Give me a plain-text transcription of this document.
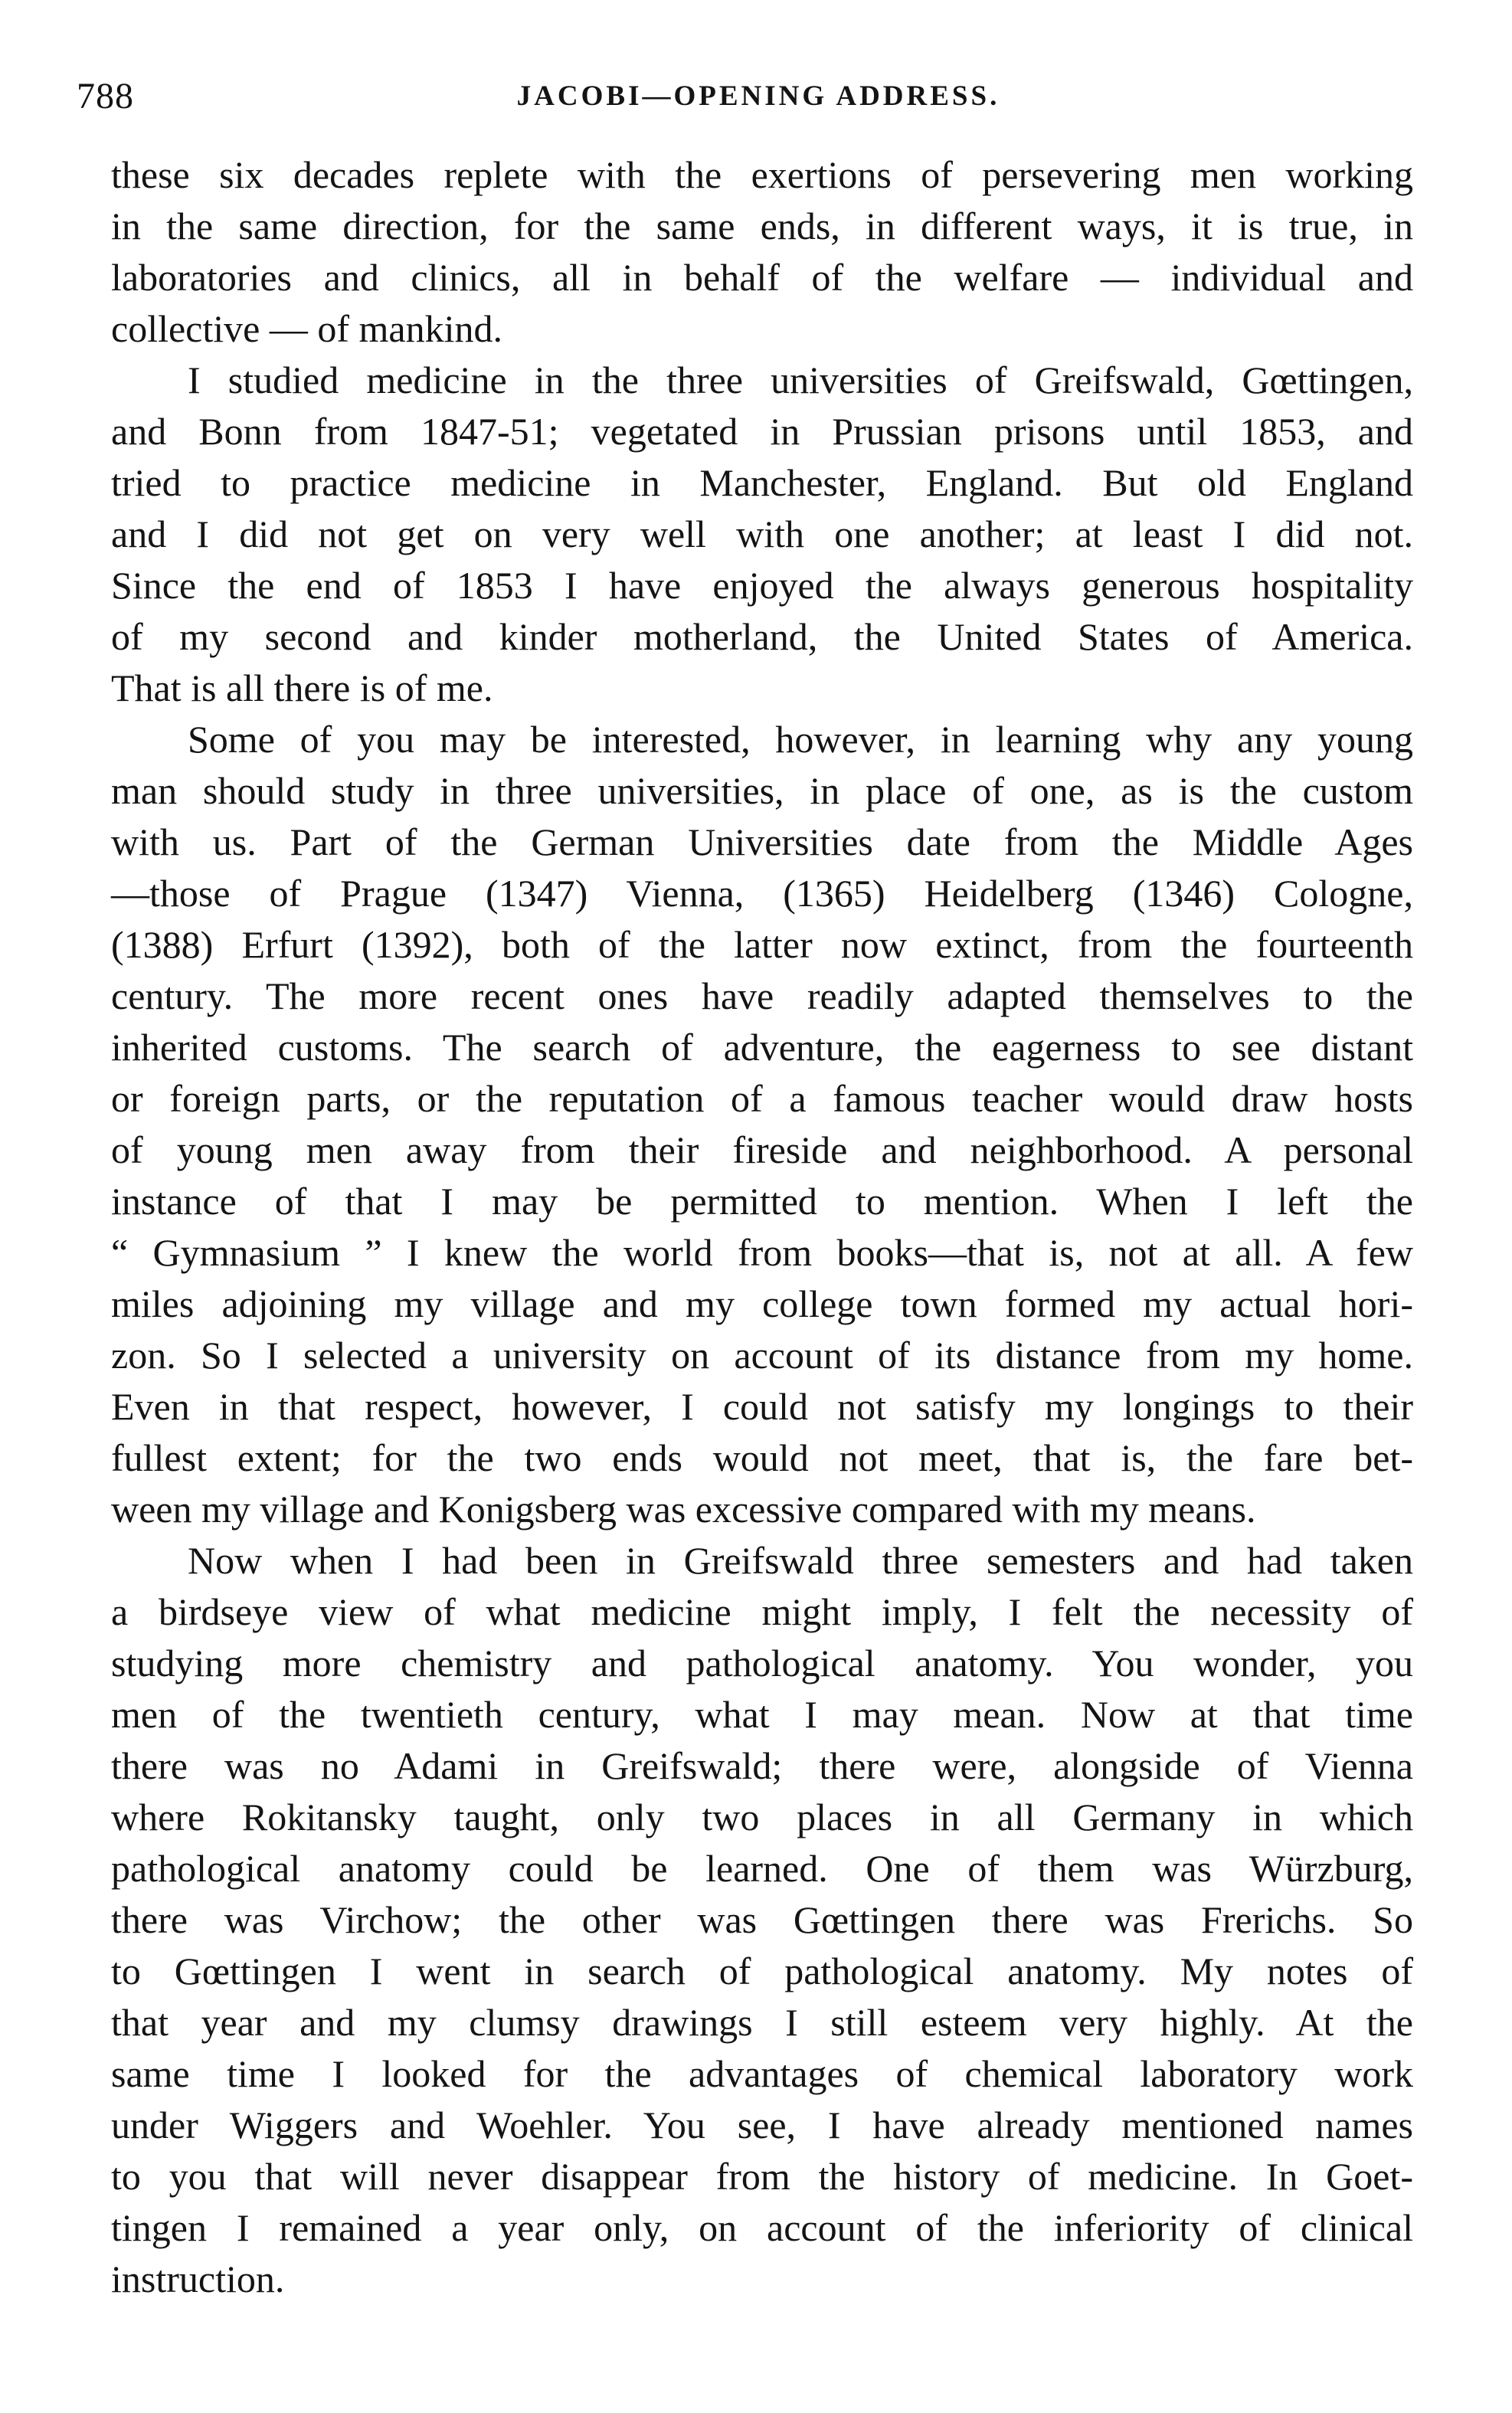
788	JACOBI—OPENING ADDRESS.
these six decades replete with the exertions of persevering men working
in the same direction, for the same ends, in different ways, it is true, in
laboratories and clinics, all in behalf of the welfare — individual and
collective — of mankind.
I studied medicine in the three universities of Greifswald, Gœttingen,
and Bonn from 1847-51; vegetated in Prussian prisons until 1853, and
tried to practice medicine in Manchester, England. But old England
and I did not get on very well with one another; at least I did not.
Since the end of 1853 I have enjoyed the always generous hospitality
of my second and kinder motherland, the United States of America.
That is all there is of me.
Some of you may be interested, however, in learning why any young
man should study in three universities, in place of one, as is the custom
with us. Part of the German Universities date from the Middle Ages
—those of Prague (1347) Vienna, (1365) Heidelberg (1346) Cologne,
(1388) Erfurt (1392), both of the latter now extinct, from the fourteenth
century. The more recent ones have readily adapted themselves to the
inherited customs. The search of adventure, the eagerness to see distant
or foreign parts, or the reputation of a famous teacher would draw hosts
of young men away from their fireside and neighborhood. A personal
instance of that I may be permitted to mention. When I left the
“ Gymnasium ” I knew the world from books—that is, not at all. A few
miles adjoining my village and my college town formed my actual hori-
zon. So I selected a university on account of its distance from my home.
Even in that respect, however, I could not satisfy my longings to their
fullest extent; for the two ends would not meet, that is, the fare bet-
ween my village and Konigsberg was excessive compared with my means.
Now when I had been in Greifswald three semesters and had taken
a birdseye view of what medicine might imply, I felt the necessity of
studying more chemistry and pathological anatomy. You wonder, you
men of the twentieth century, what I may mean. Now at that time
there was no Adami in Greifswald; there were, alongside of Vienna
where Rokitansky taught, only two places in all Germany in which
pathological anatomy could be learned. One of them was Würzburg,
there was Virchow; the other was Gœttingen there was Frerichs. So
to Gœttingen I went in search of pathological anatomy. My notes of
that year and my clumsy drawings I still esteem very highly. At the
same time I looked for the advantages of chemical laboratory work
under Wiggers and Woehler. You see, I have already mentioned names
to you that will never disappear from the history of medicine. In Goet-
tingen I remained a year only, on account of the inferiority of clinical
instruction.
